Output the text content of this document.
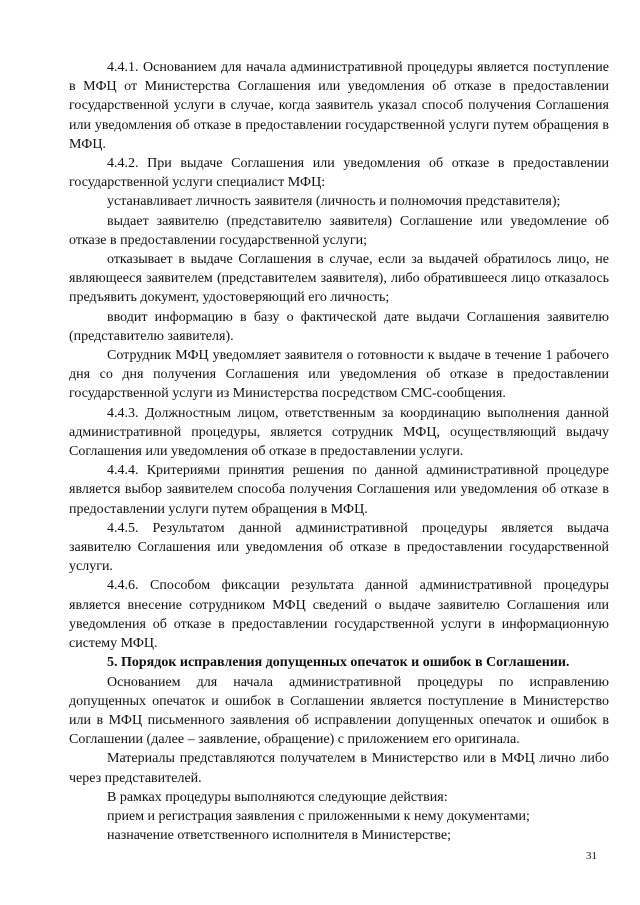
4.4.1. Основанием для начала административной процедуры является поступление в МФЦ от Министерства Соглашения или уведомления об отказе в предоставлении государственной услуги в случае, когда заявитель указал способ получения Соглашения или уведомления об отказе в предоставлении государственной услуги путем обращения в МФЦ.

4.4.2. При выдаче Соглашения или уведомления об отказе в предоставлении государственной услуги специалист МФЦ:

устанавливает личность заявителя (личность и полномочия представителя);

выдает заявителю (представителю заявителя) Соглашение или уведомление об отказе в предоставлении государственной услуги;

отказывает в выдаче Соглашения в случае, если за выдачей обратилось лицо, не являющееся заявителем (представителем заявителя), либо обратившееся лицо отказалось предъявить документ, удостоверяющий его личность;

вводит информацию в базу о фактической дате выдачи Соглашения заявителю (представителю заявителя).

Сотрудник МФЦ уведомляет заявителя о готовности к выдаче в течение 1 рабочего дня со дня получения Соглашения или уведомления об отказе в предоставлении государственной услуги из Министерства посредством СМС-сообщения.

4.4.3. Должностным лицом, ответственным за координацию выполнения данной административной процедуры, является сотрудник МФЦ, осуществляющий выдачу Соглашения или уведомления об отказе в предоставлении услуги.

4.4.4. Критериями принятия решения по данной административной процедуре является выбор заявителем способа получения Соглашения или уведомления об отказе в предоставлении услуги путем обращения в МФЦ.

4.4.5. Результатом данной административной процедуры является выдача заявителю Соглашения или уведомления об отказе в предоставлении государственной услуги.

4.4.6. Способом фиксации результата данной административной процедуры является внесение сотрудником МФЦ сведений о выдаче заявителю Соглашения или уведомления об отказе в предоставлении государственной услуги в информационную систему МФЦ.

5. Порядок исправления допущенных опечаток и ошибок в Соглашении.

Основанием для начала административной процедуры по исправлению допущенных опечаток и ошибок в Соглашении является поступление в Министерство или в МФЦ письменного заявления об исправлении допущенных опечаток и ошибок в Соглашении (далее – заявление, обращение) с приложением его оригинала.

Материалы представляются получателем в Министерство или в МФЦ лично либо через представителей.

В рамках процедуры выполняются следующие действия:

прием и регистрация заявления с приложенными к нему документами;

назначение ответственного исполнителя в Министерстве;

31
